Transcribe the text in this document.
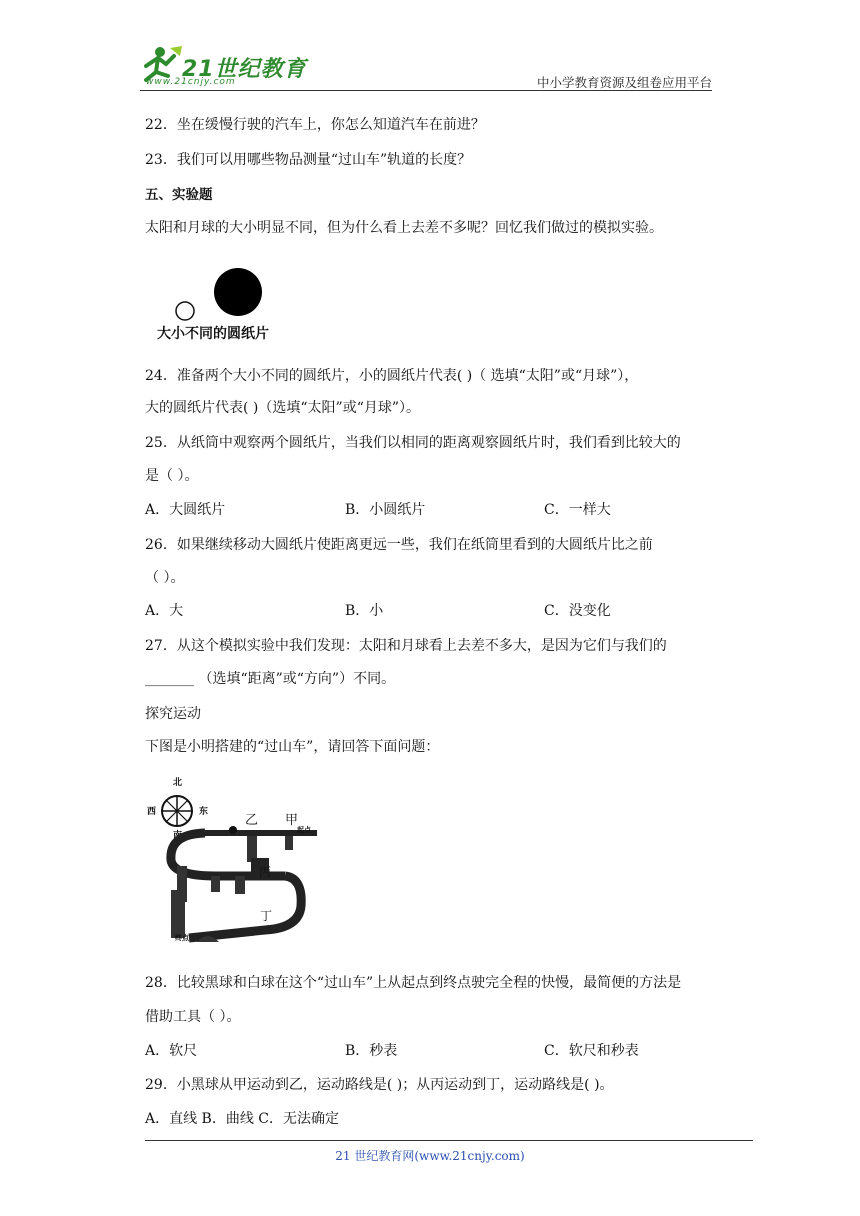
21世纪教育
www.21cnjy.com	中小学教育资源及组卷应用平台
22．坐在缓慢行驶的汽车上，你怎么知道汽车在前进？
23．我们可以用哪些物品测量“过山车”轨道的长度？
五、实验题
太阳和月球的大小明显不同，但为什么看上去差不多呢？回忆我们做过的模拟实验。
大小不同的圆纸片
24．准备两个大小不同的圆纸片，小的圆纸片代表( )（ 选填“太阳”或“月球”），
大的圆纸片代表( )（选填“太阳”或“月球”）。
25．从纸筒中观察两个圆纸片，当我们以相同的距离观察圆纸片时，我们看到比较大的
是（ ）。
A．大圆纸片	B．小圆纸片	C．一样大
26．如果继续移动大圆纸片使距离更远一些，我们在纸筒里看到的大圆纸片比之前
（ ）。
A．大	B．小	C．没变化
27．从这个模拟实验中我们发现：太阳和月球看上去差不多大，是因为它们与我们的
_______ （选填“距离”或“方向”）不同。
探究运动
下图是小明搭建的“过山车”，请回答下面问题：
北
东
西
南
乙 甲
起点
丙
丁
终点
28．比较黑球和白球在这个“过山车”上从起点到终点驶完全程的快慢，最简便的方法是
借助工具（ ）。
A．软尺	B．秒表	C．软尺和秒表
29．小黑球从甲运动到乙，运动路线是( )；从丙运动到丁，运动路线是( )。
A．直线 B．曲线 C．无法确定
21 世纪教育网(www.21cnjy.com)
